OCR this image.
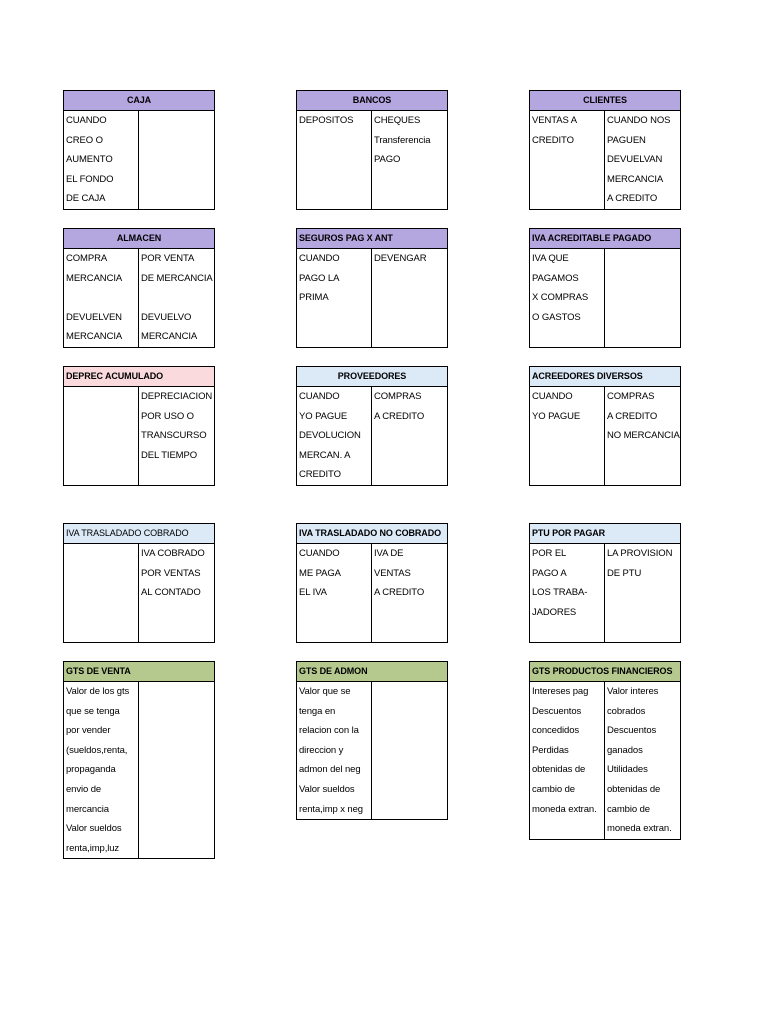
CAJA
CUANDO
CREO O
AUMENTO
EL FONDO
DE CAJA
BANCOS
DEPOSITOS	CHEQUES
Transferencia
PAGO
CLIENTES
VENTAS A
CREDITO
CUANDO NOS
PAGUEN
DEVUELVAN
MERCANCIA
A CREDITO
ALMACEN
COMPRA
MERCANCIA
DEVUELVEN
MERCANCIA
POR VENTA
DE MERCANCIA
DEVUELVO
MERCANCIA
SEGUROS PAG X ANT
CUANDO
PAGO LA
PRIMA
DEVENGAR
IVA ACREDITABLE PAGADO
IVA QUE
PAGAMOS
X COMPRAS
O GASTOS
DEPREC ACUMULADO
DEPRECIACION
POR USO O
TRANSCURSO
DEL TIEMPO
PROVEEDORES
CUANDO
YO PAGUE
DEVOLUCION
MERCAN. A
CREDITO
COMPRAS
A CREDITO
ACREEDORES DIVERSOS
CUANDO
YO PAGUE
COMPRAS
A CREDITO
NO MERCANCIA
IVA TRASLADADO COBRADO
IVA COBRADO
POR VENTAS
AL CONTADO
IVA TRASLADADO NO COBRADO
CUANDO
ME PAGA
EL IVA
IVA DE
VENTAS
A CREDITO
PTU POR PAGAR
POR EL
PAGO A
LOS TRABA-
JADORES
LA PROVISION
DE PTU
GTS DE VENTA
Valor de los gts
que se tenga
por vender
(sueldos,renta,
propaganda
envio de
mercancia
Valor sueldos
renta,imp,luz
GTS DE ADMON
Valor que se
tenga en
relacion con la
direccion y
admon del neg
Valor sueldos
renta,imp x neg
GTS PRODUCTOS FINANCIEROS
Intereses pag
Descuentos
concedidos
Perdidas
obtenidas de
cambio de
moneda extran.
Valor interes
cobrados
Descuentos
ganados
Utilidades
obtenidas de
cambio de
moneda extran.
